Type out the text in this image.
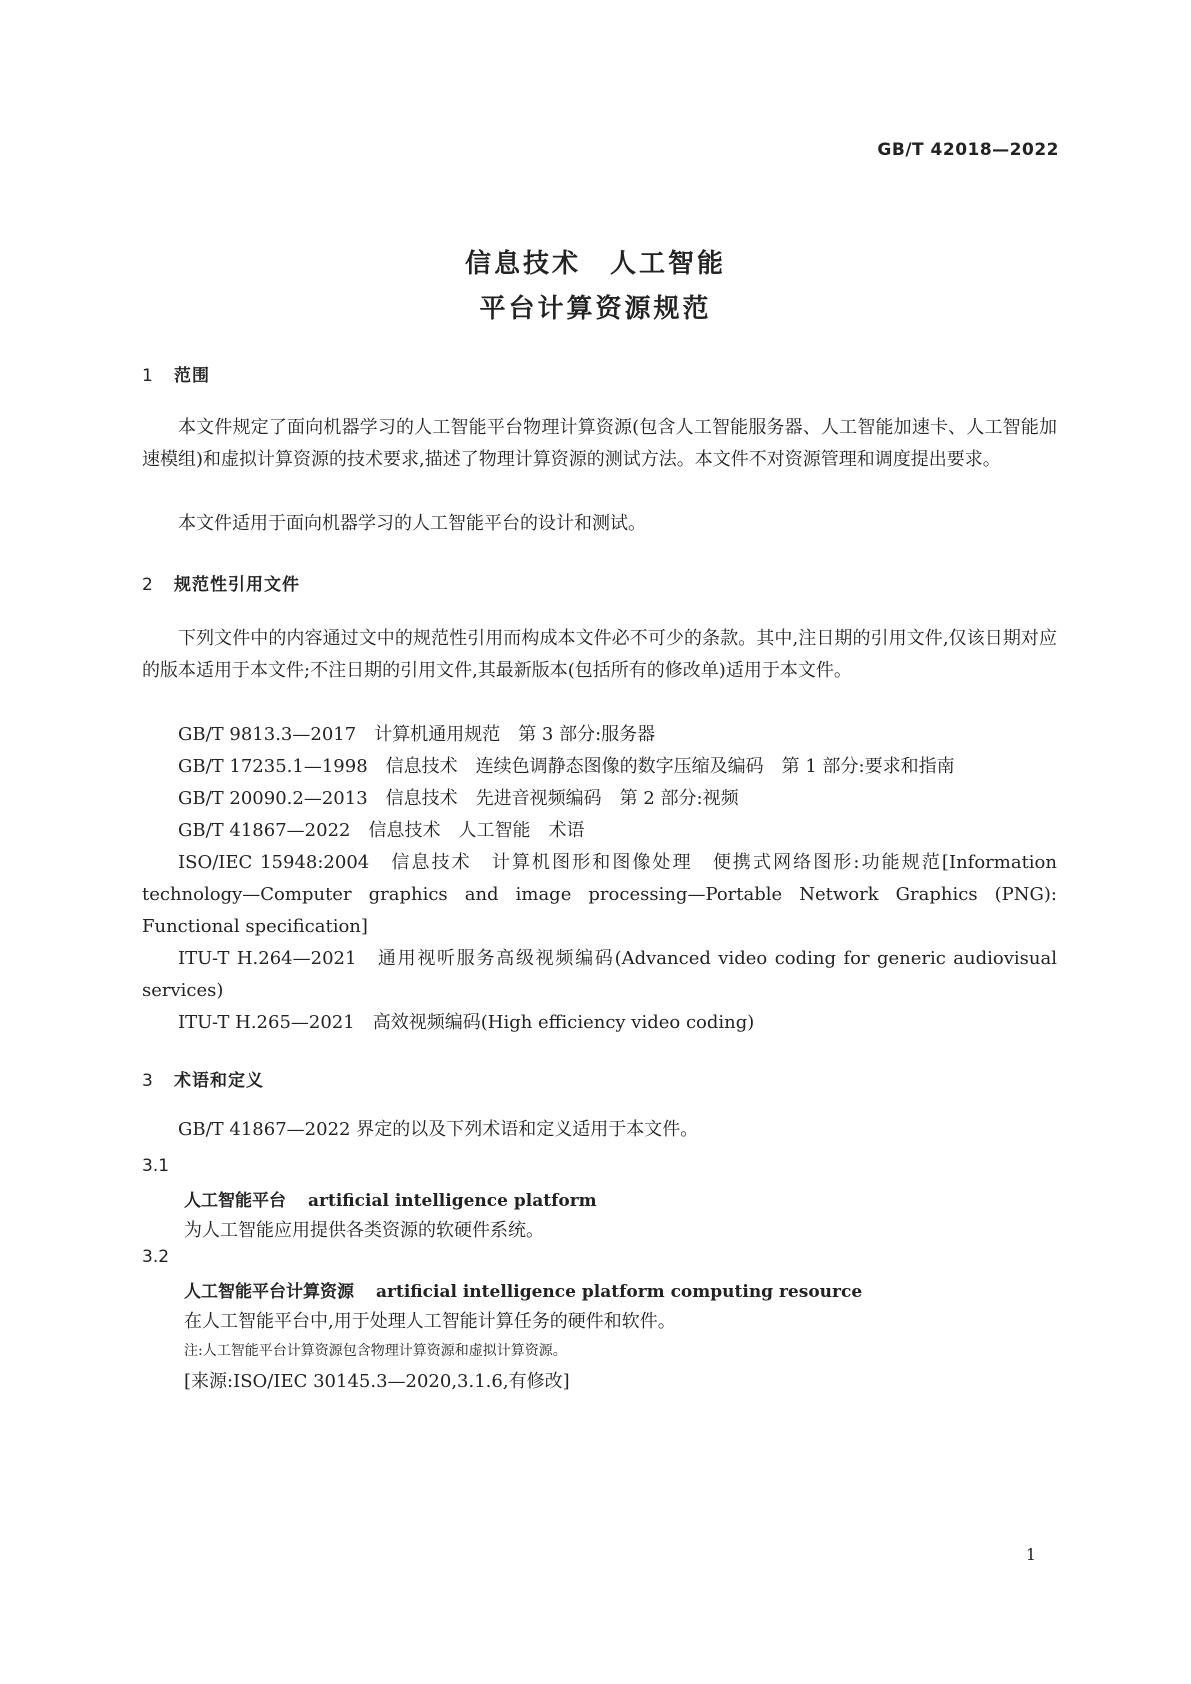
GB/T 42018—2022
信息技术　人工智能
平台计算资源规范
1 范围
本文件规定了面向机器学习的人工智能平台物理计算资源(包含人工智能服务器、人工智能加速卡、人工智能加速模组)和虚拟计算资源的技术要求,描述了物理计算资源的测试方法。本文件不对资源管理和调度提出要求。
本文件适用于面向机器学习的人工智能平台的设计和测试。
2 规范性引用文件
下列文件中的内容通过文中的规范性引用而构成本文件必不可少的条款。其中,注日期的引用文件,仅该日期对应的版本适用于本文件;不注日期的引用文件,其最新版本(包括所有的修改单)适用于本文件。
GB/T 9813.3—2017　计算机通用规范　第 3 部分:服务器
GB/T 17235.1—1998　信息技术　连续色调静态图像的数字压缩及编码　第 1 部分:要求和指南
GB/T 20090.2—2013　信息技术　先进音视频编码　第 2 部分:视频
GB/T 41867—2022　信息技术　人工智能　术语
ISO/IEC 15948:2004　信息技术　计算机图形和图像处理　便携式网络图形:功能规范[Information technology—Computer graphics and image processing—Portable Network Graphics (PNG): Functional specification]
ITU-T H.264—2021　通用视听服务高级视频编码(Advanced video coding for generic audiovisual services)
ITU-T H.265—2021　高效视频编码(High efficiency video coding)
3 术语和定义
GB/T 41867—2022 界定的以及下列术语和定义适用于本文件。
3.1
人工智能平台 artificial intelligence platform
为人工智能应用提供各类资源的软硬件系统。
3.2
人工智能平台计算资源 artificial intelligence platform computing resource
在人工智能平台中,用于处理人工智能计算任务的硬件和软件。
注:人工智能平台计算资源包含物理计算资源和虚拟计算资源。
[来源:ISO/IEC 30145.3—2020,3.1.6,有修改]
1
